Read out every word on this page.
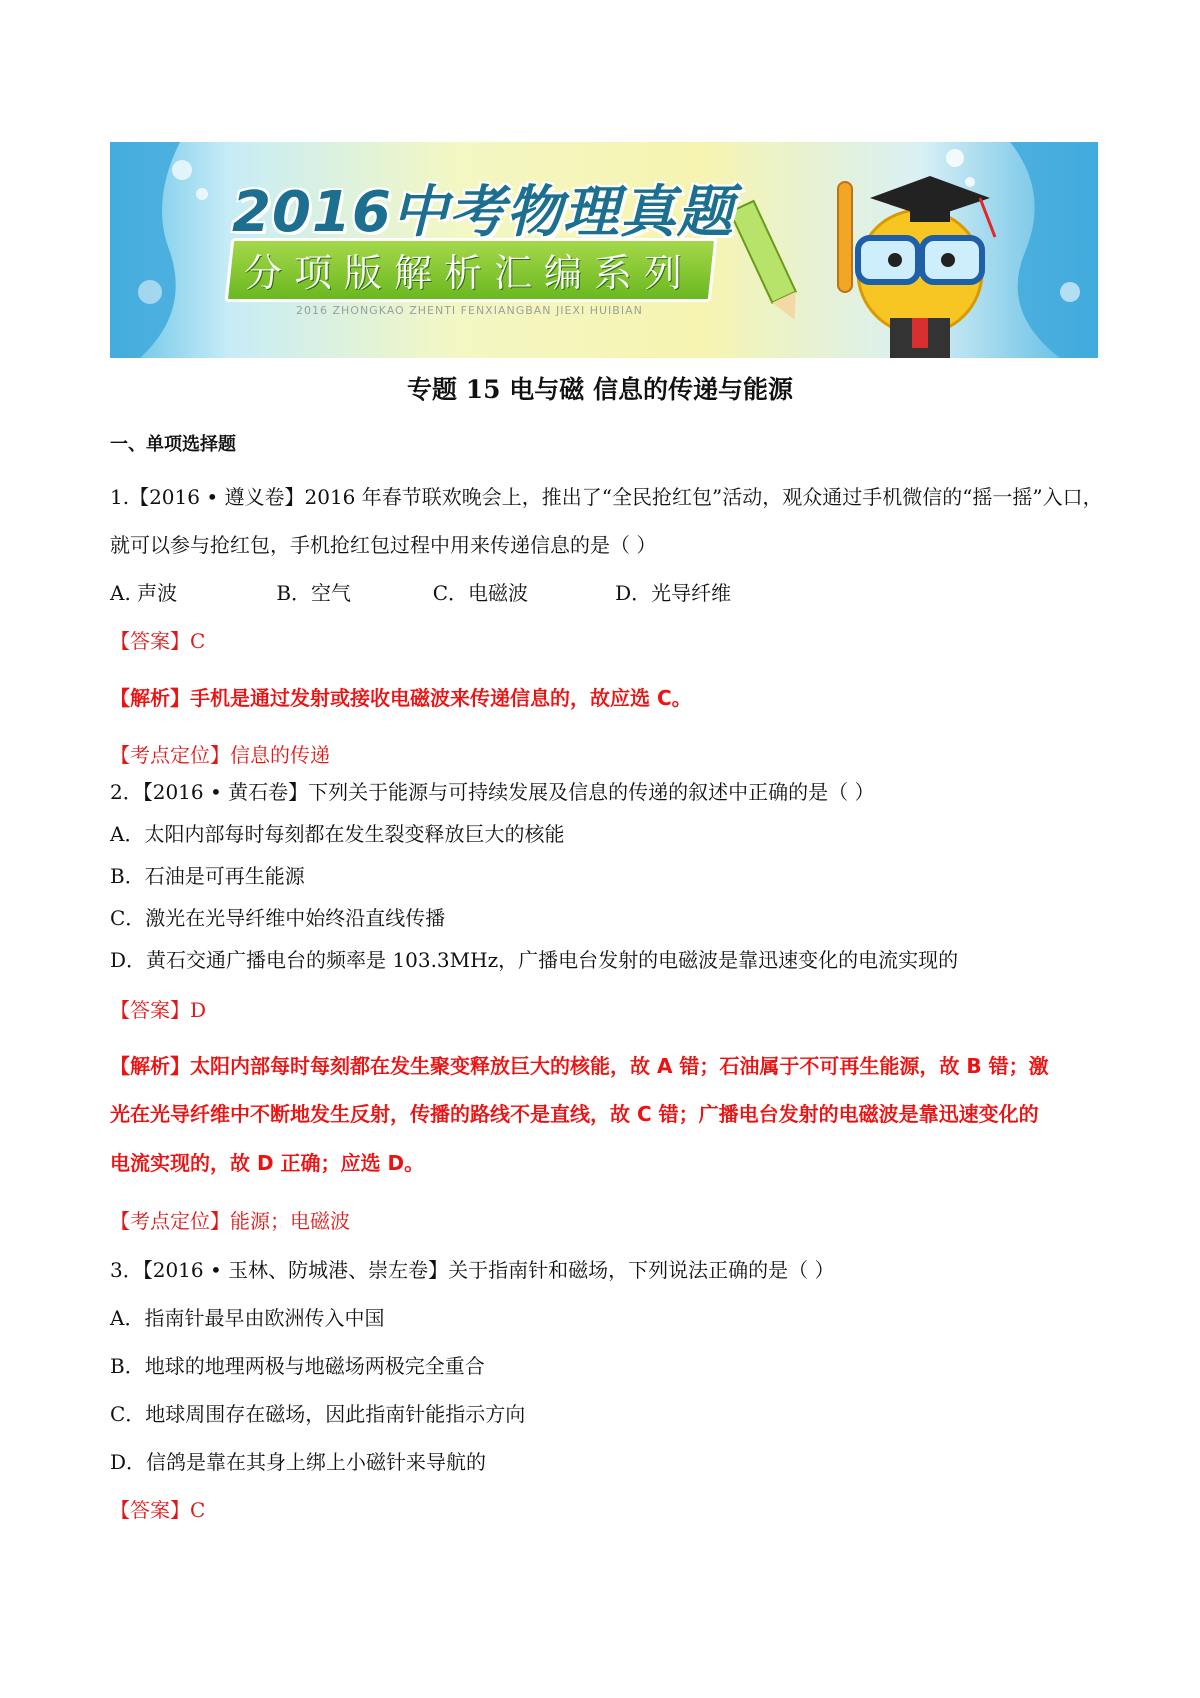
2016中考物理真题
分项版解析汇编系列
2016 ZHONGKAO ZHENTI FENXIANGBAN JIEXI HUIBIAN
专题 15 电与磁 信息的传递与能源
一、单项选择题
1.【2016 • 遵义卷】2016 年春节联欢晚会上，推出了“全民抢红包”活动，观众通过手机微信的“摇一摇”入口，
就可以参与抢红包，手机抢红包过程中用来传递信息的是（ ）
A. 声波	B．空气	C．电磁波	D．光导纤维
【答案】C
【解析】手机是通过发射或接收电磁波来传递信息的，故应选 C。
【考点定位】信息的传递
2．【2016 • 黄石卷】下列关于能源与可持续发展及信息的传递的叙述中正确的是（ ）
A．太阳内部每时每刻都在发生裂变释放巨大的核能
B．石油是可再生能源
C．激光在光导纤维中始终沿直线传播
D．黄石交通广播电台的频率是 103.3MHz，广播电台发射的电磁波是靠迅速变化的电流实现的
【答案】D
【解析】太阳内部每时每刻都在发生聚变释放巨大的核能，故 A 错；石油属于不可再生能源，故 B 错；激
光在光导纤维中不断地发生反射，传播的路线不是直线，故 C 错；广播电台发射的电磁波是靠迅速变化的
电流实现的，故 D 正确；应选 D。
【考点定位】能源；电磁波
3．【2016 • 玉林、防城港、崇左卷】关于指南针和磁场，下列说法正确的是（ ）
A．指南针最早由欧洲传入中国
B．地球的地理两极与地磁场两极完全重合
C．地球周围存在磁场，因此指南针能指示方向
D．信鸽是靠在其身上绑上小磁针来导航的
【答案】C
